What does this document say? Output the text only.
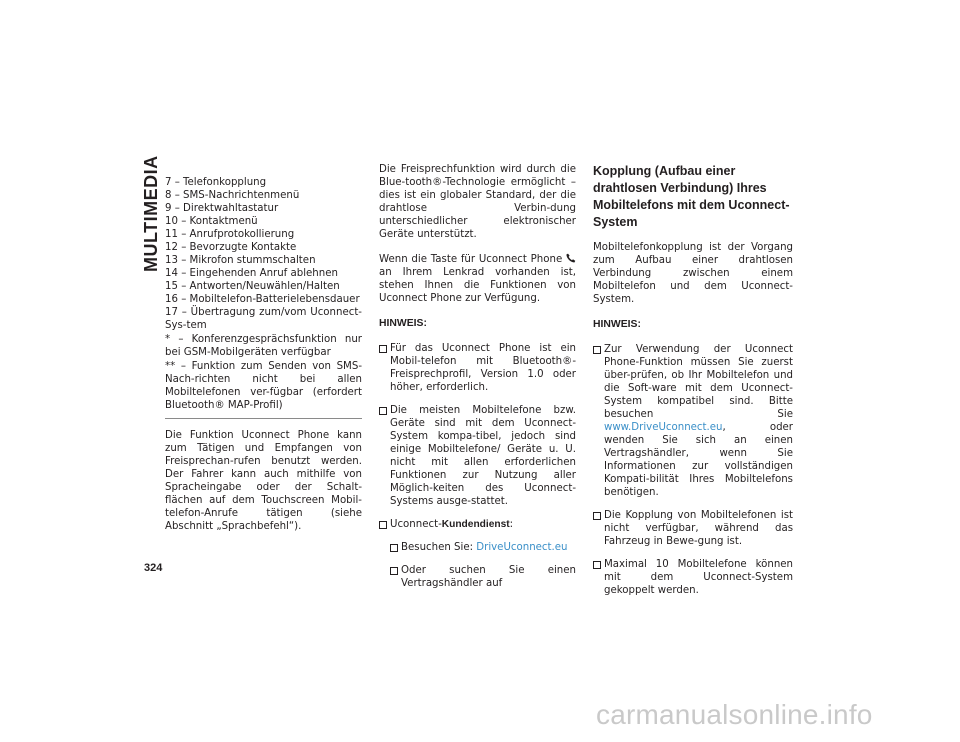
MULTIMEDIA 7 – Telefonkopplung
8 – SMS-Nachrichtenmenü
9 – Direktwahltastatur
10 – Kontaktmenü
11 – Anrufprotokollierung
12 – Bevorzugte Kontakte
13 – Mikrofon stummschalten
14 – Eingehenden Anruf ablehnen
15 – Antworten/Neuwählen/Halten
16 – Mobiltelefon-Batterielebensdauer
17 – Übertragung zum/vom Uconnect-Sys-tem
* – Konferenzgesprächsfunktion nur bei GSM-Mobilgeräten verfügbar
** – Funktion zum Senden von SMS-Nach-richten nicht bei allen Mobiltelefonen ver-fügbar (erfordert Bluetooth® MAP-Profil)

Die Funktion Uconnect Phone kann zum Tätigen und Empfangen von Freisprechan-rufen benutzt werden. Der Fahrer kann auch mithilfe von Spracheingabe oder der Schalt-flächen auf dem Touchscreen Mobil-telefon-Anrufe tätigen (siehe Abschnitt „Sprachbefehl“).

Die Freisprechfunktion wird durch die Blue-tooth®-Technologie ermöglicht – dies ist ein globaler Standard, der die drahtlose Verbin-dung unterschiedlicher elektronischer Geräte unterstützt.

Wenn die Taste für Uconnect Phone  an Ihrem Lenkrad vorhanden ist, stehen Ihnen die Funktionen von Uconnect Phone zur Verfügung.

HINWEIS:
Für das Uconnect Phone ist ein Mobil-telefon mit Bluetooth®-Freisprechprofil, Version 1.0 oder höher, erforderlich.
Die meisten Mobiltelefone bzw. Geräte sind mit dem Uconnect-System kompa-tibel, jedoch sind einige Mobiltelefone/ Geräte u. U. nicht mit allen erforderlichen Funktionen zur Nutzung aller Möglich-keiten des Uconnect-Systems ausge-stattet.
Uconnect-Kundendienst:
Besuchen Sie: DriveUconnect.eu
Oder suchen Sie einen Vertragshändler auf
Kopplung (Aufbau einer drahtlosen Verbindung) Ihres Mobiltelefons mit dem Uconnect-System

Mobiltelefonkopplung ist der Vorgang zum Aufbau einer drahtlosen Verbindung zwischen einem Mobiltelefon und dem Uconnect-System.

HINWEIS:
Zur Verwendung der Uconnect Phone-Funktion müssen Sie zuerst über-prüfen, ob Ihr Mobiltelefon und die Soft-ware mit dem Uconnect-System kompatibel sind. Bitte besuchen Sie www.DriveUconnect.eu, oder wenden Sie sich an einen Vertragshändler, wenn Sie Informationen zur vollständigen Kompati-bilität Ihres Mobiltelefons benötigen.
Die Kopplung von Mobiltelefonen ist nicht verfügbar, während das Fahrzeug in Bewe-gung ist.
Maximal 10 Mobiltelefone können mit dem Uconnect-System gekoppelt werden.
324
carmanualsonline.info
